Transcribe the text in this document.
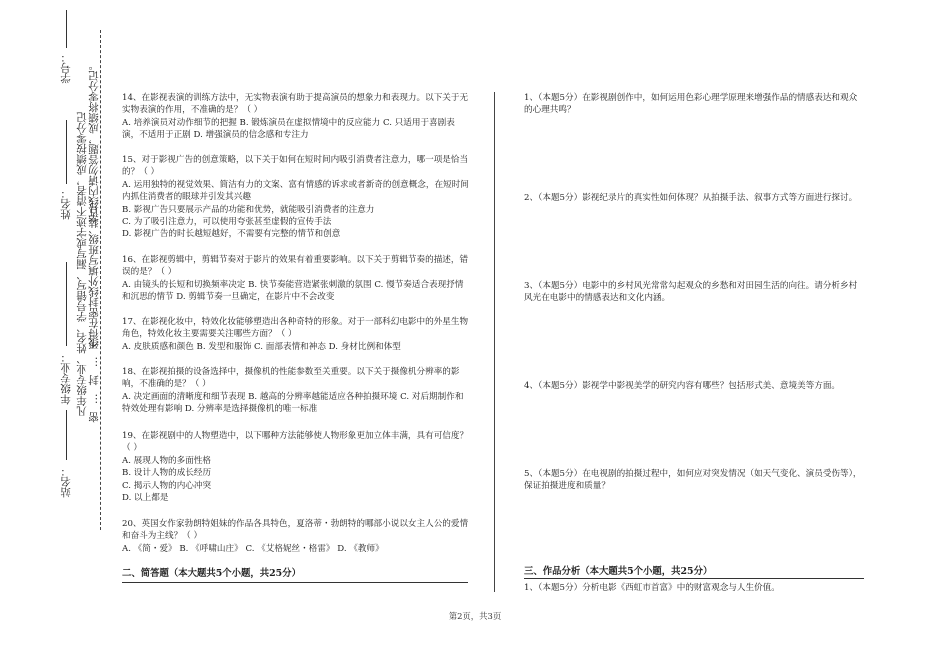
学号：
姓名：
年级专业：
站名：
凡年级专业、姓名、学号错写、漏写或字迹不清者，成绩按零分记 装订线内请勿答题，成绩将零分记。
不得在密封线外填写班级、学号、
密…封…线

14、在影视表演的训练方法中，无实物表演有助于提高演员的想象力和表现力。以下关于无实物表演的作用，不准确的是？（ ）

A. 培养演员对动作细节的把握 B. 锻炼演员在虚拟情境中的反应能力 C. 只适用于喜剧表演，不适用于正剧 D. 增强演员的信念感和专注力

15、对于影视广告的创意策略，以下关于如何在短时间内吸引消费者注意力，哪一项是恰当的？（ ）

A. 运用独特的视觉效果、简洁有力的文案、富有情感的诉求或者新奇的创意概念，在短时间内抓住消费者的眼球并引发其兴趣

B. 影视广告只要展示产品的功能和优势，就能吸引消费者的注意力

C. 为了吸引注意力，可以使用夸张甚至虚假的宣传手法

D. 影视广告的时长越短越好，不需要有完整的情节和创意

16、在影视剪辑中，剪辑节奏对于影片的效果有着重要影响。以下关于剪辑节奏的描述，错误的是？（ ）

A. 由镜头的长短和切换频率决定 B. 快节奏能营造紧张刺激的氛围 C. 慢节奏适合表现抒情和沉思的情节 D. 剪辑节奏一旦确定，在影片中不会改变

17、在影视化妆中，特效化妆能够塑造出各种奇特的形象。对于一部科幻电影中的外星生物角色，特效化妆主要需要关注哪些方面？（ ）

A. 皮肤质感和颜色 B. 发型和服饰 C. 面部表情和神态 D. 身材比例和体型

18、在影视拍摄的设备选择中，摄像机的性能参数至关重要。以下关于摄像机分辨率的影响，不准确的是？（ ）

A. 决定画面的清晰度和细节表现 B. 越高的分辨率越能适应各种拍摄环境 C. 对后期制作和特效处理有影响 D. 分辨率是选择摄像机的唯一标准

19、在影视剧中的人物塑造中，以下哪种方法能够使人物形象更加立体丰满，具有可信度？（ ）

A. 展现人物的多面性格

B. 设计人物的成长经历

C. 揭示人物的内心冲突

D. 以上都是

20、英国女作家勃朗特姐妹的作品各具特色，夏洛蒂・勃朗特的哪部小说以女主人公的爱情和奋斗为主线？（ ）

A. 《简・爱》 B. 《呼啸山庄》 C. 《艾格妮丝・格雷》 D. 《教师》

二、简答题（本大题共5个小题，共25分）
1、（本题5分）在影视剧创作中，如何运用色彩心理学原理来增强作品的情感表达和观众的心理共鸣？
2、（本题5分）影视纪录片的真实性如何体现？从拍摄手法、叙事方式等方面进行探讨。
3、（本题5分）电影中的乡村风光常常勾起观众的乡愁和对田园生活的向往。请分析乡村风光在电影中的情感表达和文化内涵。
4、（本题5分）影视学中影视美学的研究内容有哪些？包括形式美、意境美等方面。
5、（本题5分）在电视剧的拍摄过程中，如何应对突发情况（如天气变化、演员受伤等），保证拍摄进度和质量？
三、作品分析（本大题共5个小题，共25分）
1、（本题5分）分析电影《西虹市首富》中的财富观念与人生价值。
第2页，共3页
